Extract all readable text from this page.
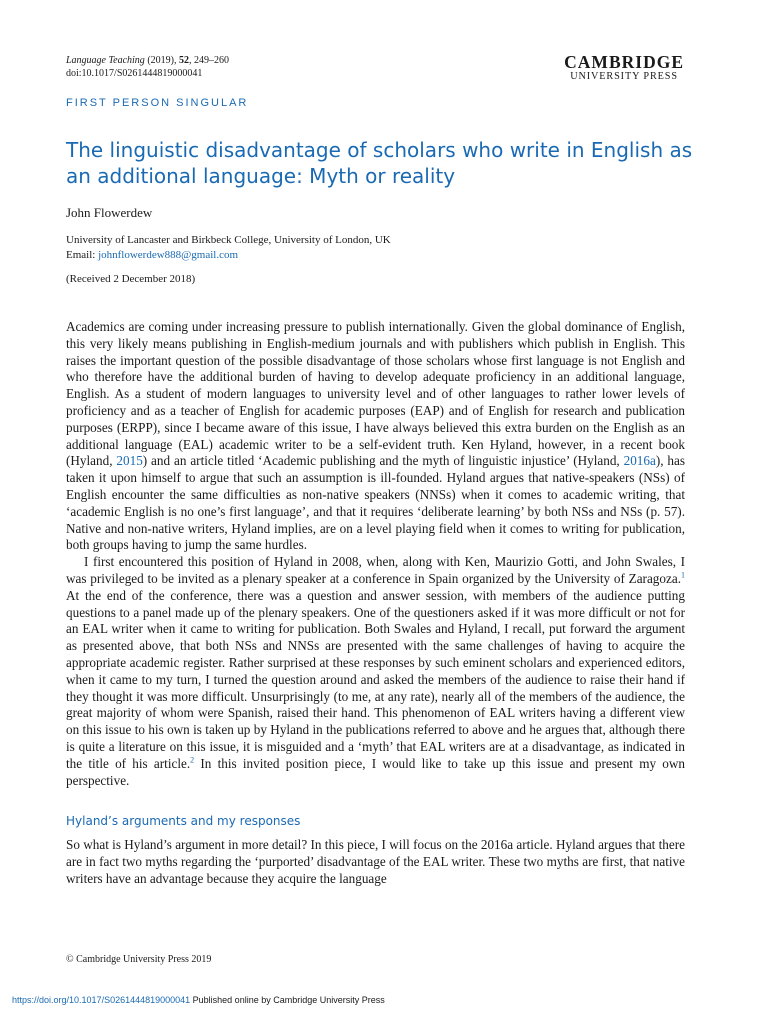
Language Teaching (2019), 52, 249–260
doi:10.1017/S0261444819000041
CAMBRIDGE
UNIVERSITY PRESS
FIRST PERSON SINGULAR
The linguistic disadvantage of scholars who write in English as an additional language: Myth or reality
John Flowerdew
University of Lancaster and Birkbeck College, University of London, UK
Email: johnflowerdew888@gmail.com
(Received 2 December 2018)

Academics are coming under increasing pressure to publish internationally. Given the global dominance of English, this very likely means publishing in English-medium journals and with publishers which publish in English. This raises the important question of the possible disadvantage of those scholars whose first language is not English and who therefore have the additional burden of having to develop adequate proficiency in an additional language, English. As a student of modern languages to university level and of other languages to rather lower levels of proficiency and as a teacher of English for academic purposes (EAP) and of English for research and publication purposes (ERPP), since I became aware of this issue, I have always believed this extra burden on the English as an additional language (EAL) academic writer to be a self-evident truth. Ken Hyland, however, in a recent book (Hyland, 2015) and an article titled ‘Academic publishing and the myth of linguistic injustice’ (Hyland, 2016a), has taken it upon himself to argue that such an assumption is ill-founded. Hyland argues that native-speakers (NSs) of English encounter the same difficulties as non-native speakers (NNSs) when it comes to academic writing, that ‘academic English is no one’s first language’, and that it requires ‘deliberate learning’ by both NSs and NSs (p. 57). Native and non-native writers, Hyland implies, are on a level playing field when it comes to writing for publication, both groups having to jump the same hurdles.

I first encountered this position of Hyland in 2008, when, along with Ken, Maurizio Gotti, and John Swales, I was privileged to be invited as a plenary speaker at a conference in Spain organized by the University of Zaragoza.$^1$ At the end of the conference, there was a question and answer session, with members of the audience putting questions to a panel made up of the plenary speakers. One of the questioners asked if it was more difficult or not for an EAL writer when it came to writing for publication. Both Swales and Hyland, I recall, put forward the argument as presented above, that both NSs and NNSs are presented with the same challenges of having to acquire the appropriate academic register. Rather surprised at these responses by such eminent scholars and experienced editors, when it came to my turn, I turned the question around and asked the members of the audience to raise their hand if they thought it was more difficult. Unsurprisingly (to me, at any rate), nearly all of the members of the audience, the great majority of whom were Spanish, raised their hand. This phenomenon of EAL writers having a different view on this issue to his own is taken up by Hyland in the publications referred to above and he argues that, although there is quite a literature on this issue, it is misguided and a ‘myth’ that EAL writers are at a disadvantage, as indicated in the title of his article.$^2$ In this invited position piece, I would like to take up this issue and present my own perspective.

Hyland’s arguments and my responses

So what is Hyland’s argument in more detail? In this piece, I will focus on the 2016a article. Hyland argues that there are in fact two myths regarding the ‘purported’ disadvantage of the EAL writer. These two myths are first, that native writers have an advantage because they acquire the language

© Cambridge University Press 2019
https://doi.org/10.1017/S0261444819000041 Published online by Cambridge University Press
